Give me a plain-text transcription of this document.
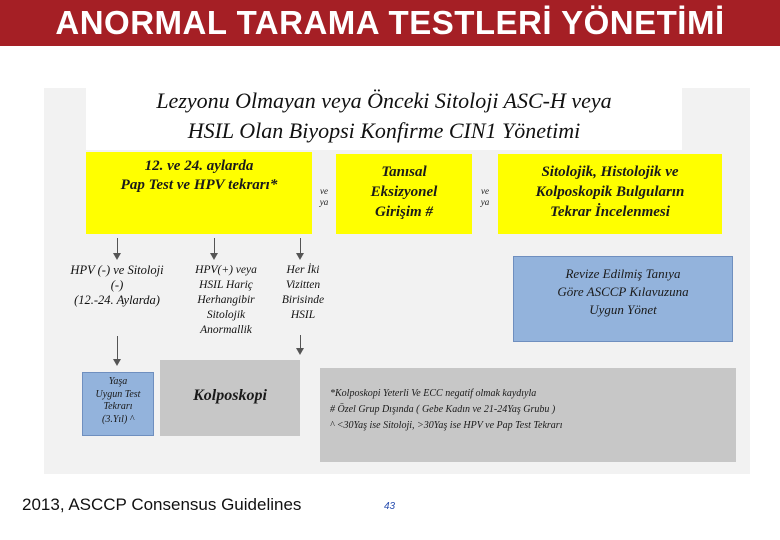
ANORMAL TARAMA TESTLERİ YÖNETİMİ
Lezyonu Olmayan veya Önceki Sitoloji ASC-H veya
HSIL Olan Biyopsi Konfirme CIN1 Yönetimi
12. ve 24. aylarda
Pap Test ve HPV tekrarı*	ve
ya
Tanısal
Eksizyonel
Girişim #
ve
ya
Sitolojik, Histolojik ve
Kolposkopik Bulguların
Tekrar İncelenmesi
HPV (-) ve Sitoloji
(-)
(12.-24. Aylarda)
HPV(+) veya
HSIL Hariç
Herhangibir
Sitolojik
Anormallik
Her İki
Vizitten
Birisinde
HSIL
Revize Edilmiş Tanıya
Göre ASCCP Kılavuzuna
Uygun Yönet
Yaşa
Uygun Test
Tekrarı
(3.Yıl) ^
Kolposkopi	*Kolposkopi Yeterli Ve ECC negatif olmak kaydıyla
# Özel Grup Dışında ( Gebe Kadın ve 21-24Yaş Grubu )
^ <30Yaş ise Sitoloji, >30Yaş ise HPV ve Pap Test Tekrarı
2013, ASCCP Consensus Guidelines	43
